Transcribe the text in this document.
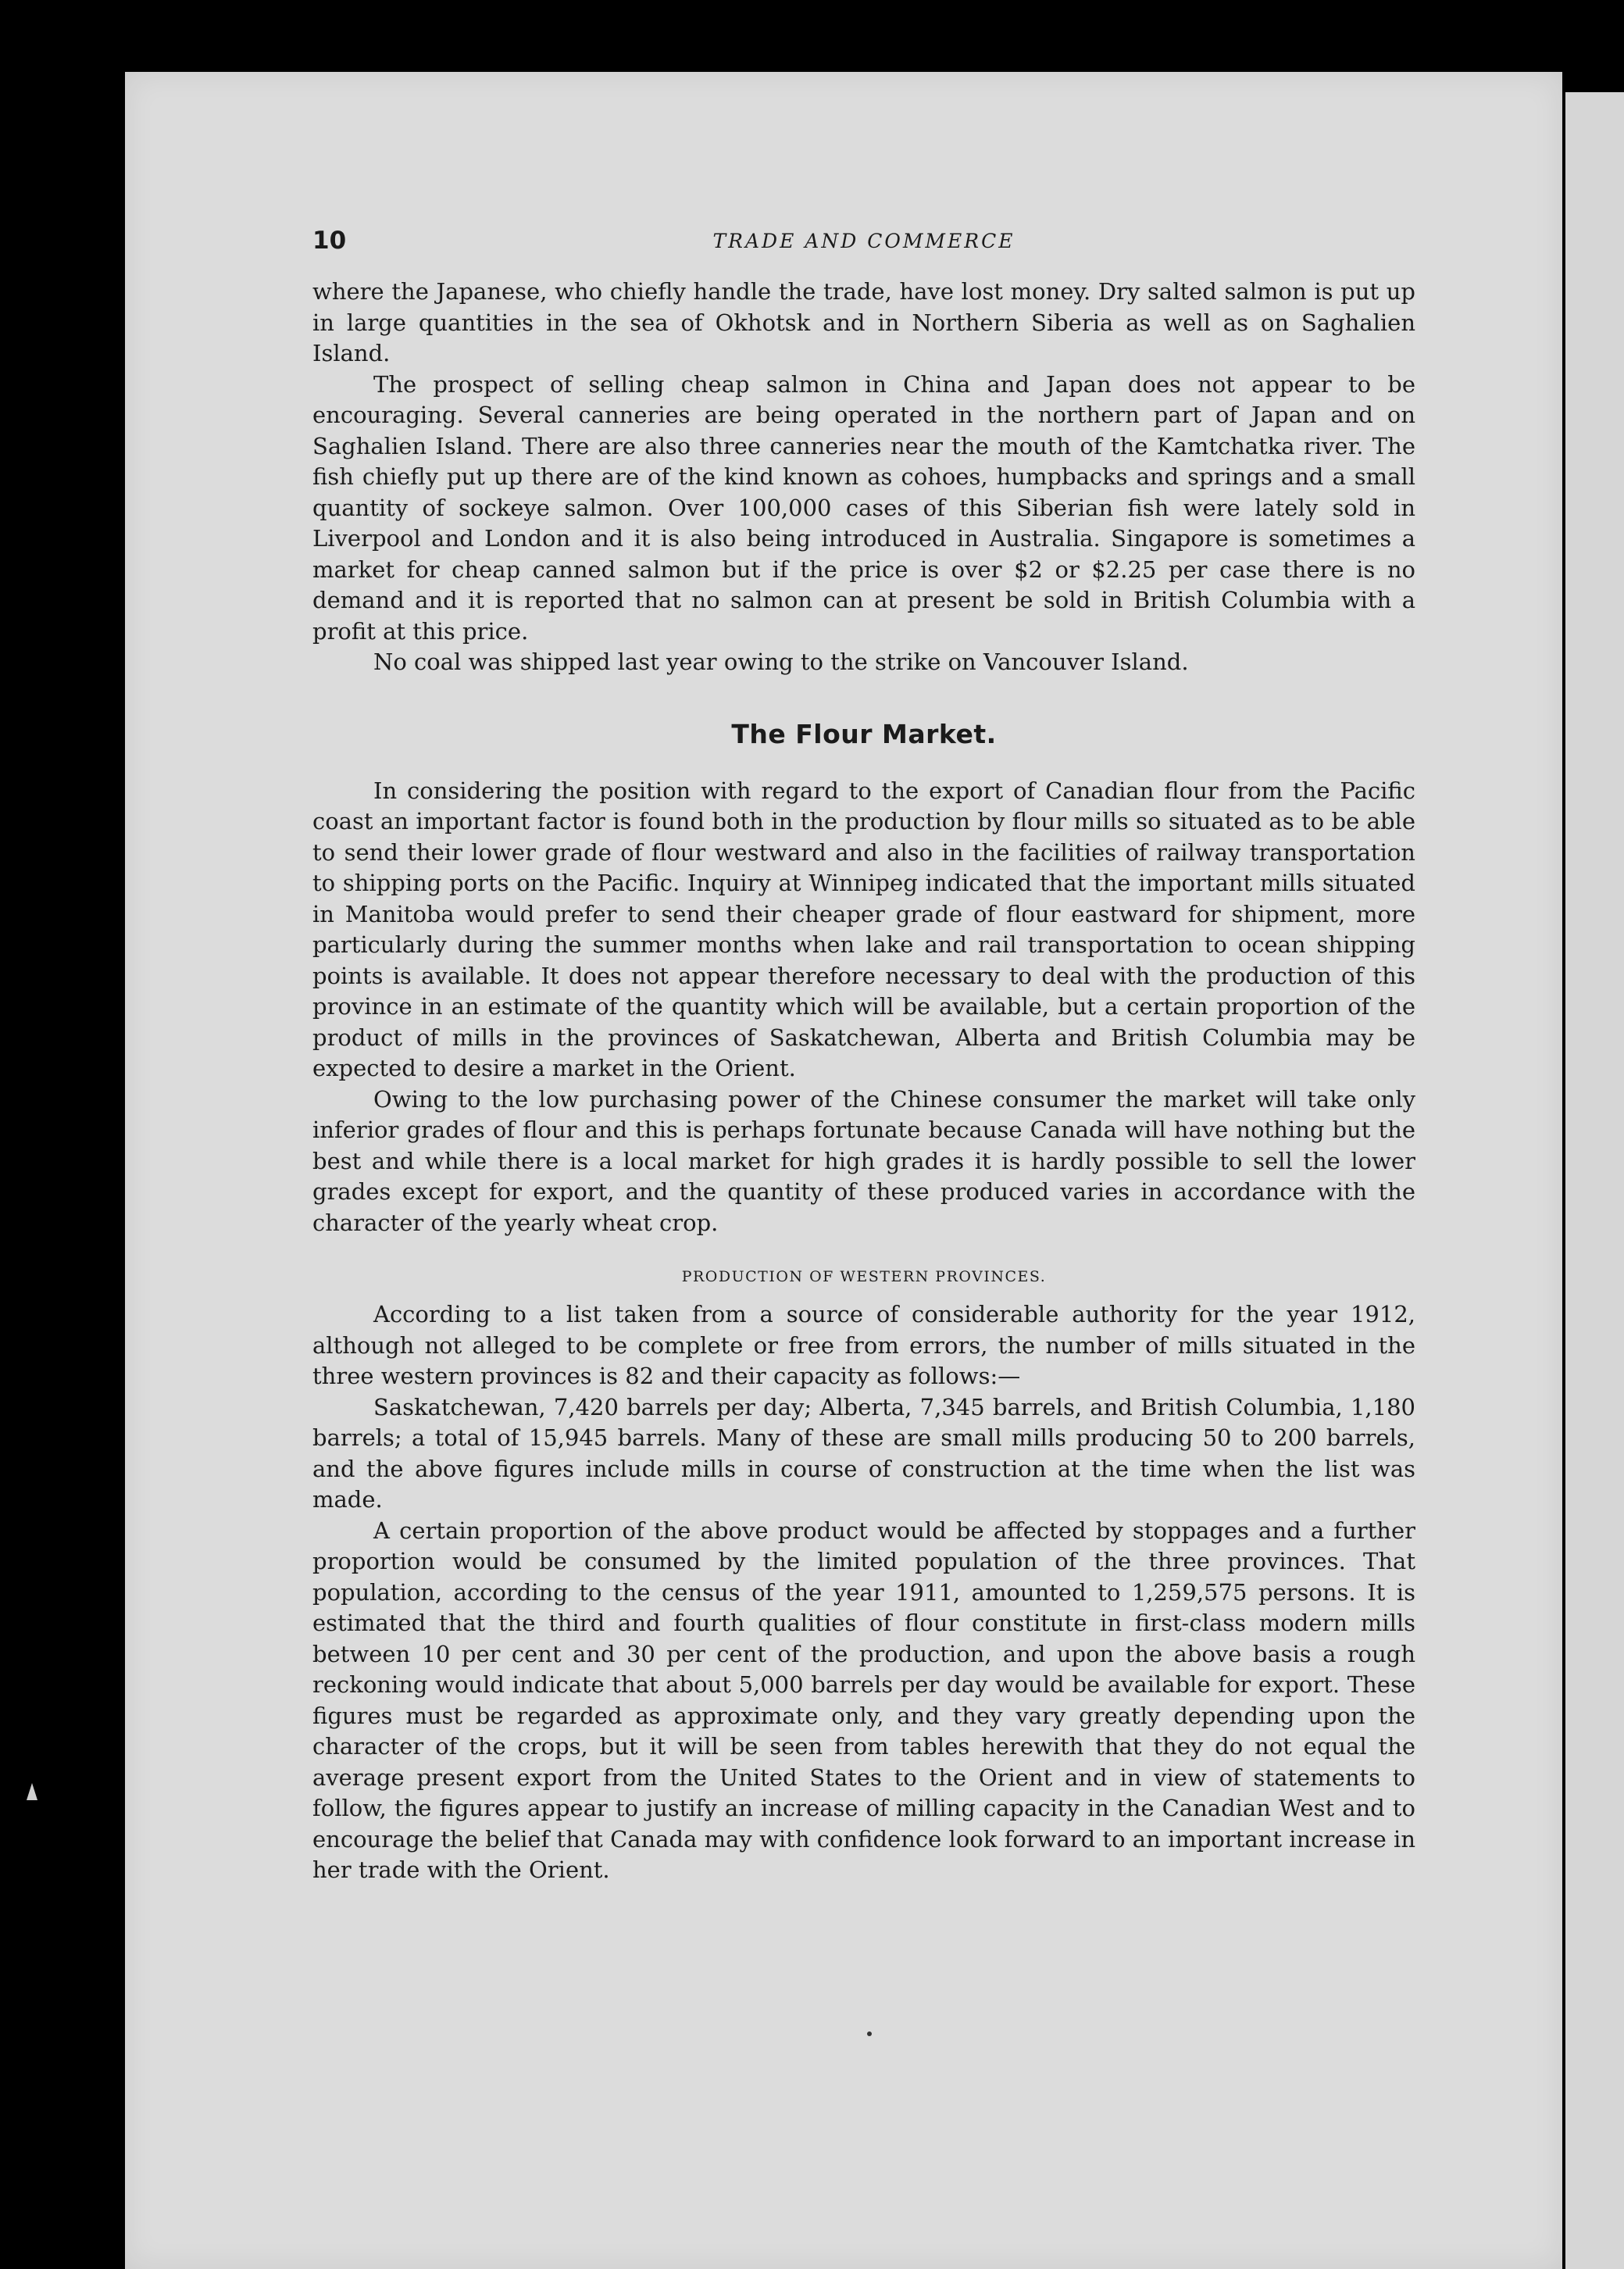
10	TRADE AND COMMERCE

where the Japanese, who chiefly handle the trade, have lost money. Dry salted salmon is put up in large quantities in the sea of Okhotsk and in Northern Siberia as well as on Saghalien Island.

The prospect of selling cheap salmon in China and Japan does not appear to be encouraging. Several canneries are being operated in the northern part of Japan and on Saghalien Island. There are also three canneries near the mouth of the Kamtchatka river. The fish chiefly put up there are of the kind known as cohoes, humpbacks and springs and a small quantity of sockeye salmon. Over 100,000 cases of this Siberian fish were lately sold in Liverpool and London and it is also being introduced in Australia. Singapore is sometimes a market for cheap canned salmon but if the price is over $2 or $2.25 per case there is no demand and it is reported that no salmon can at present be sold in British Columbia with a profit at this price.

No coal was shipped last year owing to the strike on Vancouver Island.

The Flour Market.

In considering the position with regard to the export of Canadian flour from the Pacific coast an important factor is found both in the production by flour mills so situated as to be able to send their lower grade of flour westward and also in the facilities of railway transportation to shipping ports on the Pacific. Inquiry at Winnipeg indicated that the important mills situated in Manitoba would prefer to send their cheaper grade of flour eastward for shipment, more particularly during the summer months when lake and rail transportation to ocean shipping points is available. It does not appear therefore necessary to deal with the production of this province in an estimate of the quantity which will be available, but a certain proportion of the product of mills in the provinces of Saskatchewan, Alberta and British Columbia may be expected to desire a market in the Orient.

Owing to the low purchasing power of the Chinese consumer the market will take only inferior grades of flour and this is perhaps fortunate because Canada will have nothing but the best and while there is a local market for high grades it is hardly possible to sell the lower grades except for export, and the quantity of these produced varies in accordance with the character of the yearly wheat crop.

PRODUCTION OF WESTERN PROVINCES.

According to a list taken from a source of considerable authority for the year 1912, although not alleged to be complete or free from errors, the number of mills situated in the three western provinces is 82 and their capacity as follows:—

Saskatchewan, 7,420 barrels per day; Alberta, 7,345 barrels, and British Columbia, 1,180 barrels; a total of 15,945 barrels. Many of these are small mills producing 50 to 200 barrels, and the above figures include mills in course of construction at the time when the list was made.

A certain proportion of the above product would be affected by stoppages and a further proportion would be consumed by the limited population of the three provinces. That population, according to the census of the year 1911, amounted to 1,259,575 persons. It is estimated that the third and fourth qualities of flour constitute in first-class modern mills between 10 per cent and 30 per cent of the production, and upon the above basis a rough reckoning would indicate that about 5,000 barrels per day would be available for export. These figures must be regarded as approximate only, and they vary greatly depending upon the character of the crops, but it will be seen from tables herewith that they do not equal the average present export from the United States to the Orient and in view of statements to follow, the figures appear to justify an increase of milling capacity in the Canadian West and to encourage the belief that Canada may with confidence look forward to an important increase in her trade with the Orient.
